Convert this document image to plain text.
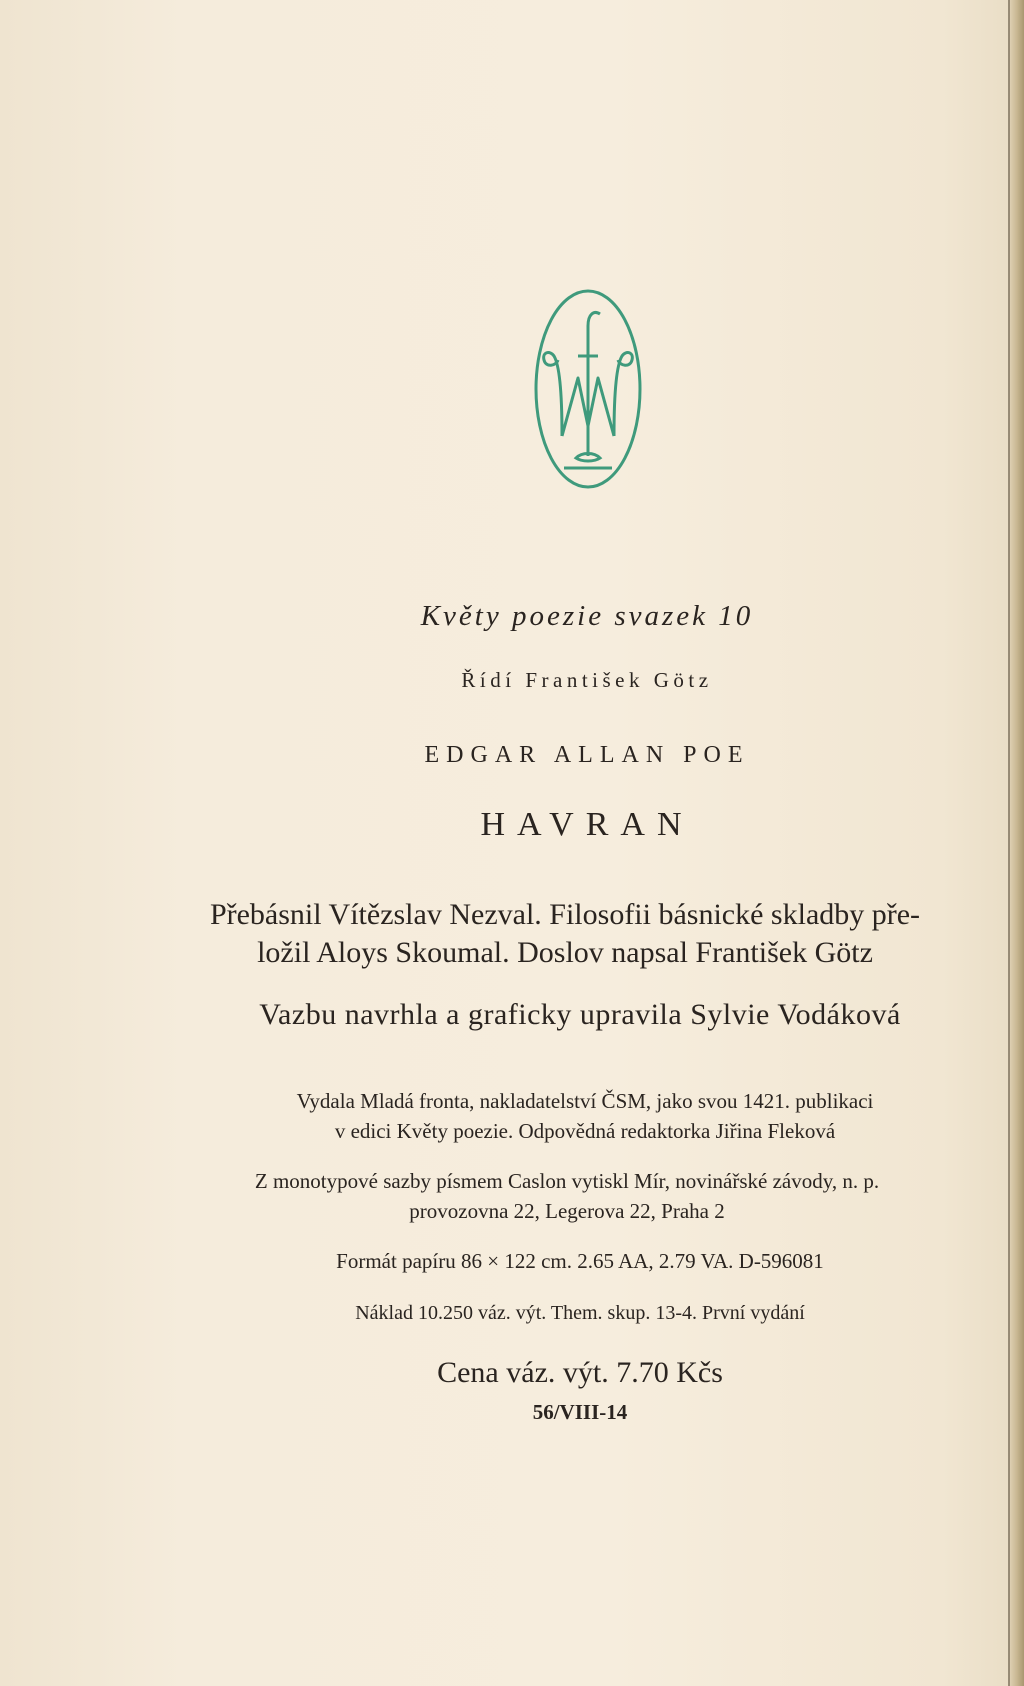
Květy poezie svazek 10
Řídí František Götz
EDGAR ALLAN POE
HAVRAN
Přebásnil Vítězslav Nezval. Filosofii básnické skladby pře-
ložil Aloys Skoumal. Doslov napsal František Götz
Vazbu navrhla a graficky upravila Sylvie Vodáková
Vydala Mladá fronta, nakladatelství ČSM, jako svou 1421. publikaci
v edici Květy poezie. Odpovědná redaktorka Jiřina Fleková
Z monotypové sazby písmem Caslon vytiskl Mír, novinářské závody, n. p.
provozovna 22, Legerova 22, Praha 2
Formát papíru 86 × 122 cm. 2.65 AA, 2.79 VA. D-596081
Náklad 10.250 váz. výt. Them. skup. 13-4. První vydání
Cena váz. výt. 7.70 Kčs
56/VIII-14
